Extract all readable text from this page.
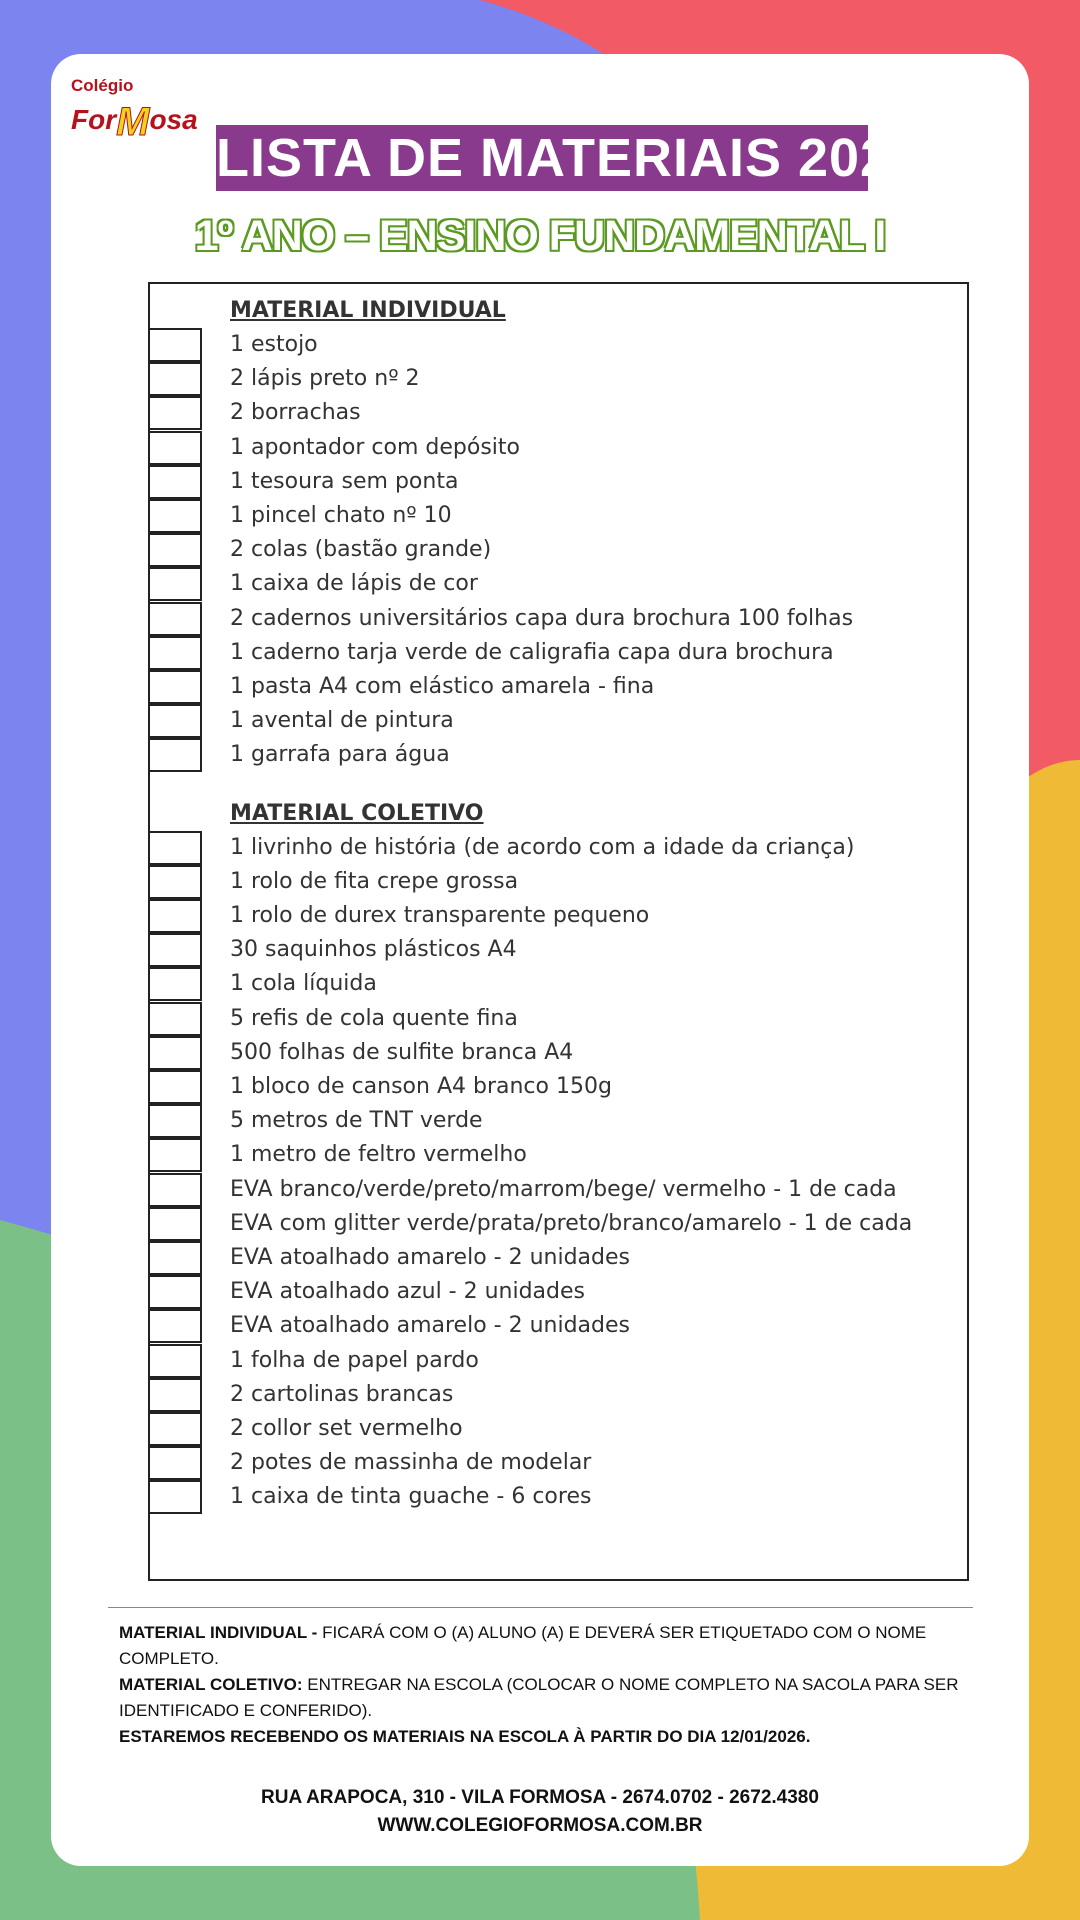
Colégio
ForMosa
LISTA DE MATERIAIS 2026
1º ANO – ENSINO FUNDAMENTAL I
MATERIAL INDIVIDUAL
MATERIAL COLETIVO
1 estojo
2 lápis preto nº 2
2 borrachas
1 apontador com depósito
1 tesoura sem ponta
1 pincel chato nº 10
2 colas (bastão grande)
1 caixa de lápis de cor
2 cadernos universitários capa dura brochura 100 folhas
1 caderno tarja verde de caligrafia capa dura brochura
1 pasta A4 com elástico amarela - fina
1 avental de pintura
1 garrafa para água
1 livrinho de história (de acordo com a idade da criança)
1 rolo de fita crepe grossa
1 rolo de durex transparente pequeno
30 saquinhos plásticos A4
1 cola líquida
5 refis de cola quente fina
500 folhas de sulfite branca A4
1 bloco de canson A4 branco 150g
5 metros de TNT verde
1 metro de feltro vermelho
EVA branco/verde/preto/marrom/bege/ vermelho - 1 de cada
EVA com glitter verde/prata/preto/branco/amarelo - 1 de cada
EVA atoalhado amarelo - 2 unidades
EVA atoalhado azul - 2 unidades
EVA atoalhado amarelo - 2 unidades
1 folha de papel pardo
2 cartolinas brancas
2 collor set vermelho
2 potes de massinha de modelar
1 caixa de tinta guache - 6 cores
MATERIAL INDIVIDUAL - FICARÁ COM O (A) ALUNO (A) E DEVERÁ SER ETIQUETADO COM O NOME COMPLETO.
MATERIAL COLETIVO: ENTREGAR NA ESCOLA (COLOCAR O NOME COMPLETO NA SACOLA PARA SER IDENTIFICADO E CONFERIDO).
ESTAREMOS RECEBENDO OS MATERIAIS NA ESCOLA À PARTIR DO DIA 12/01/2026.
RUA ARAPOCA, 310 - VILA FORMOSA - 2674.0702 - 2672.4380
WWW.COLEGIOFORMOSA.COM.BR
